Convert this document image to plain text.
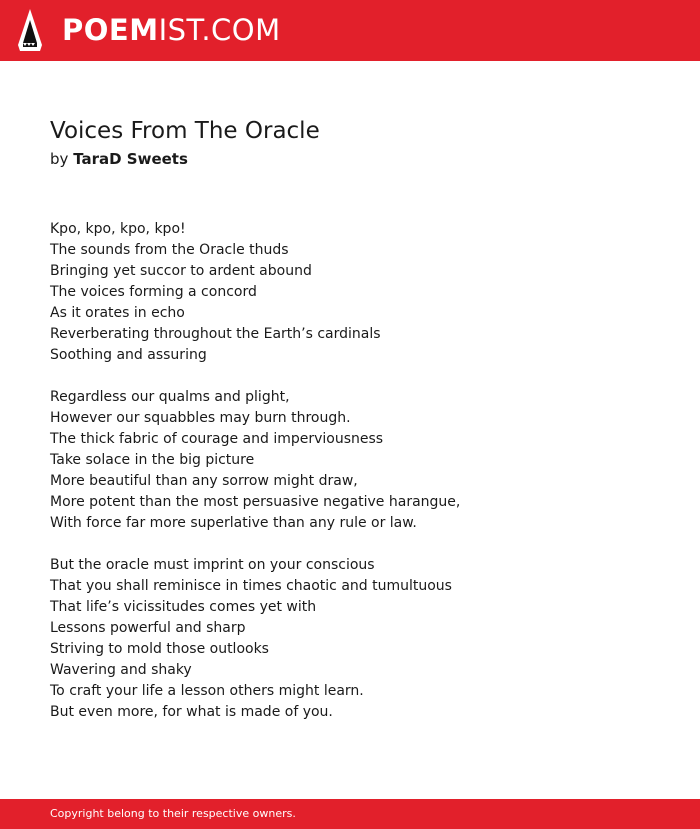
POEMIST.COM
Voices From The Oracle
by TaraD Sweets
Kpo, kpo, kpo, kpo!
The sounds from the Oracle thuds
Bringing yet succor to ardent abound
The voices forming a concord
As it orates in echo
Reverberating throughout the Earth’s cardinals
Soothing and assuring
Regardless our qualms and plight,
However our squabbles may burn through.
The thick fabric of courage and imperviousness
Take solace in the big picture
More beautiful than any sorrow might draw,
More potent than the most persuasive negative harangue,
With force far more superlative than any rule or law.
But the oracle must imprint on your conscious
That you shall reminisce in times chaotic and tumultuous
That life’s vicissitudes comes yet with
Lessons powerful and sharp
Striving to mold those outlooks
Wavering and shaky
To craft your life a lesson others might learn.
But even more, for what is made of you.
Copyright belong to their respective owners.
